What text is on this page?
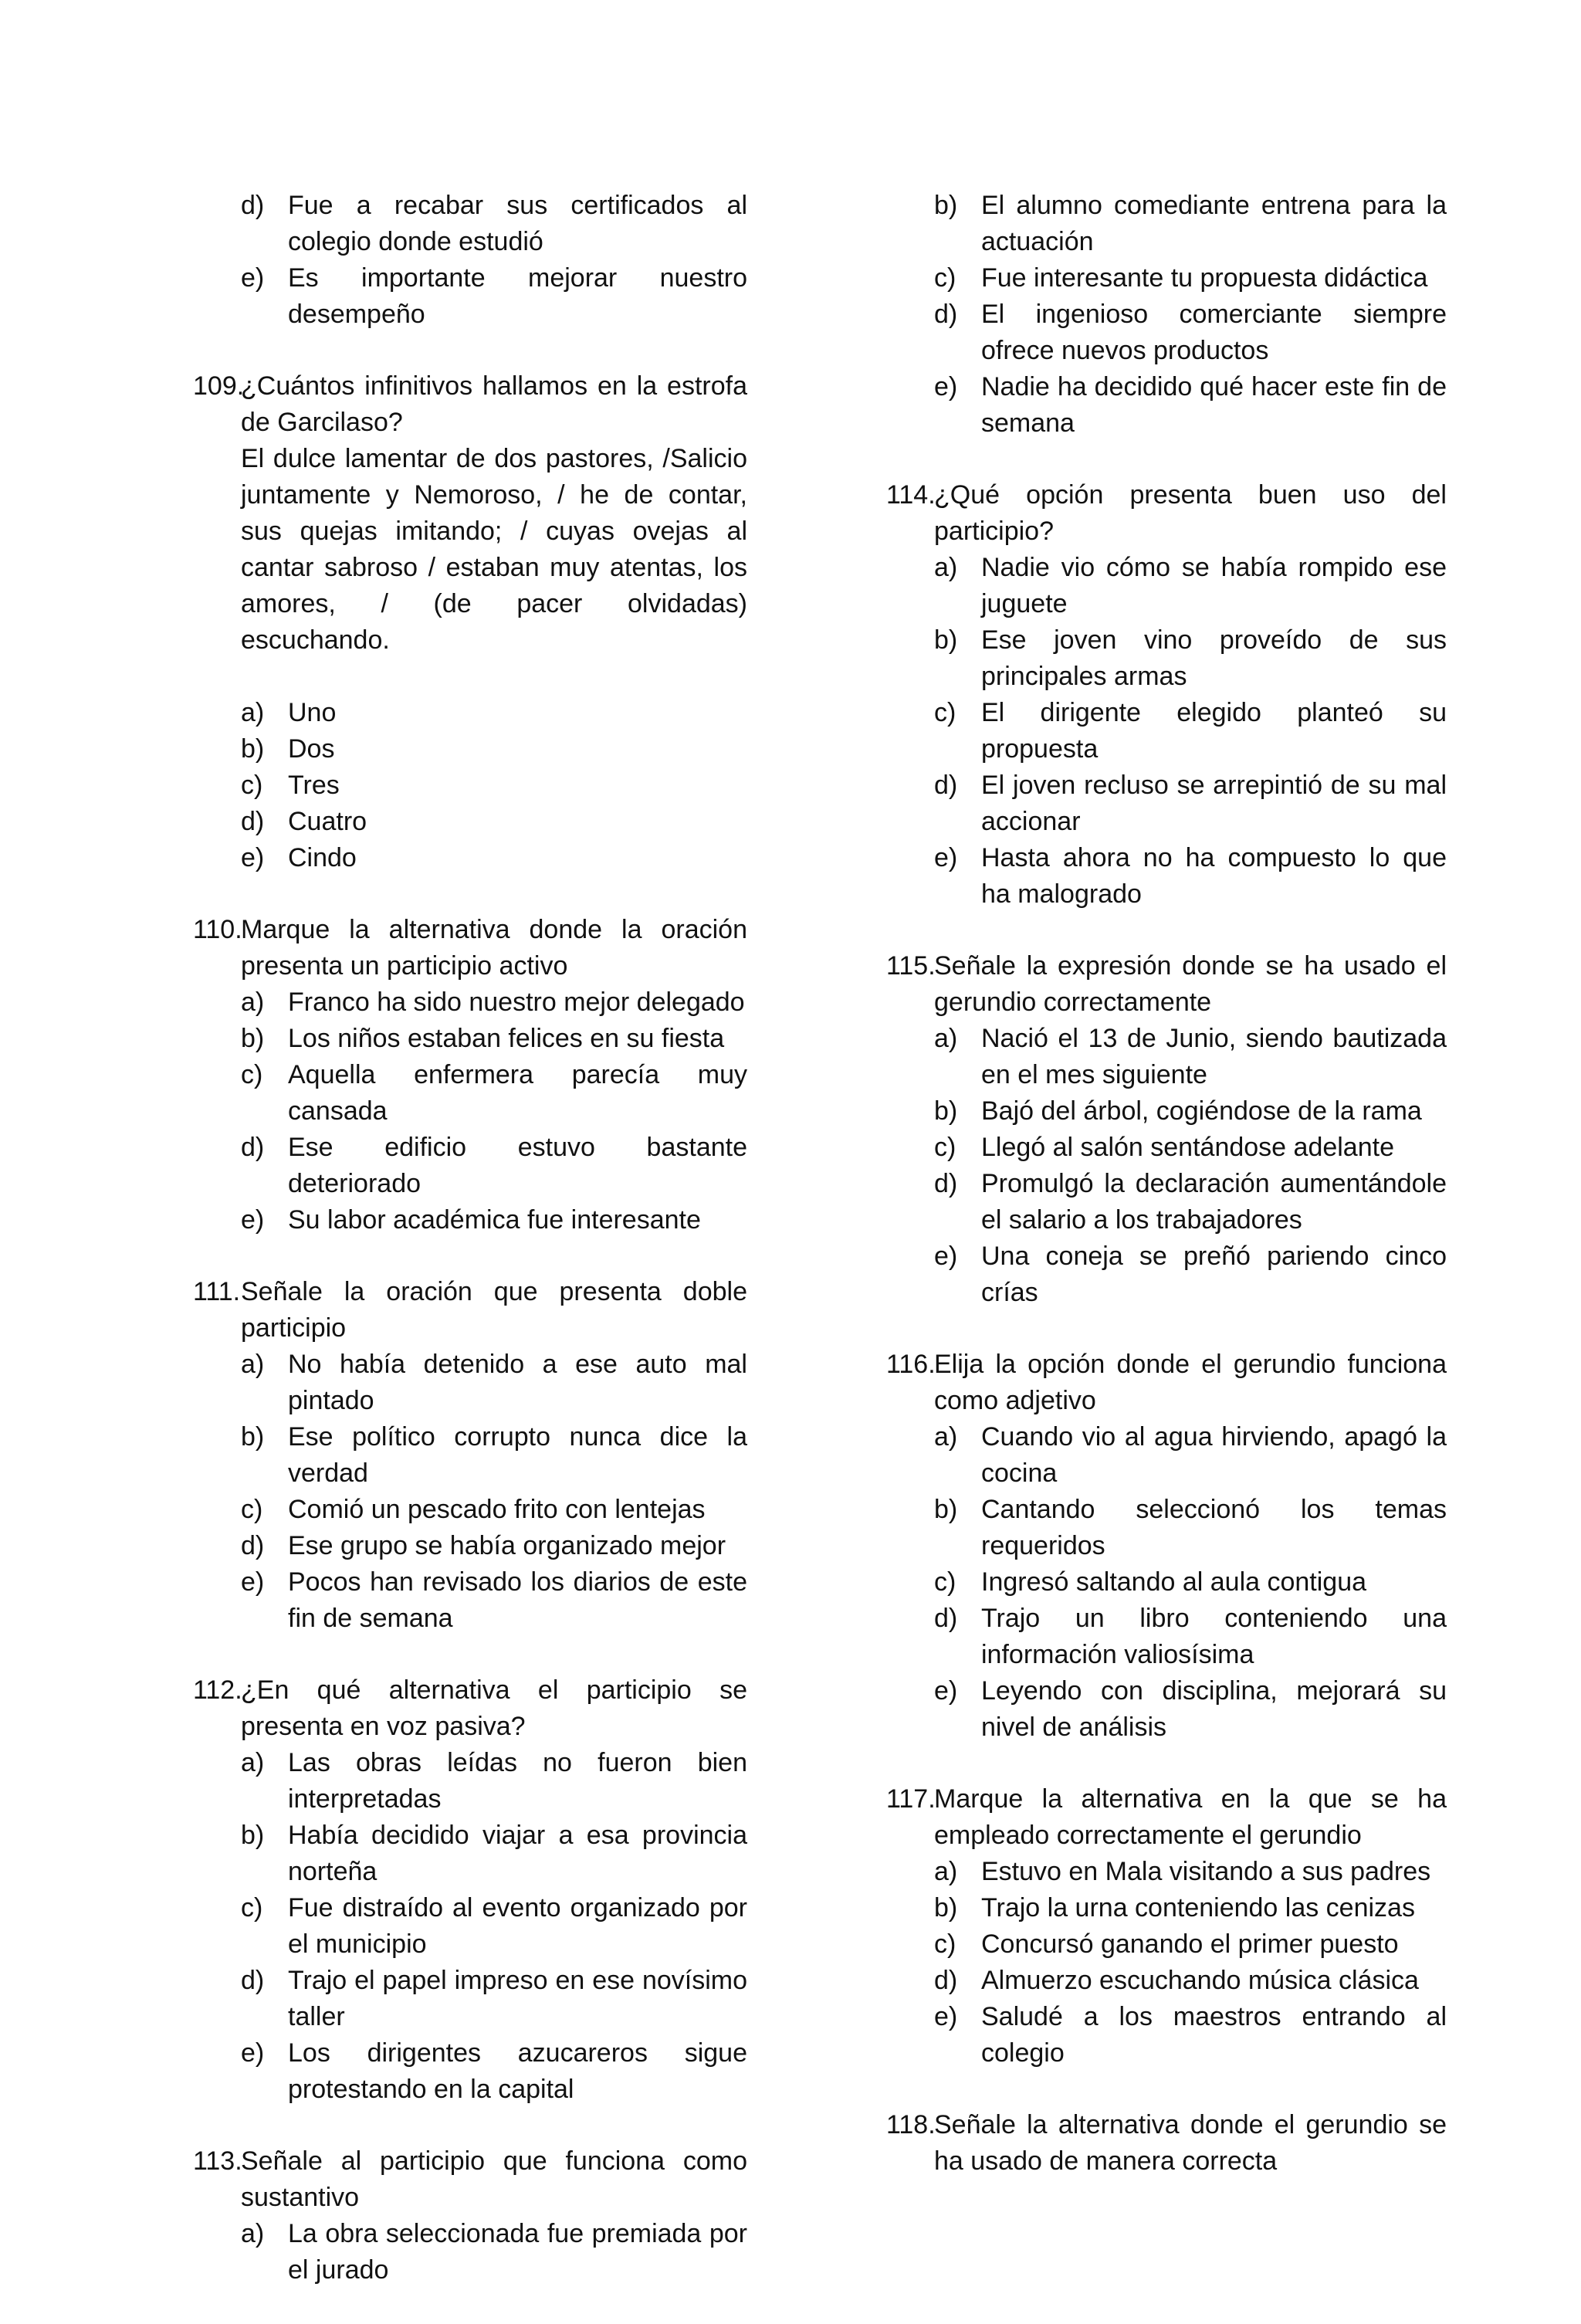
d) Fue a recabar sus certificados al colegio donde estudió
e) Es importante mejorar nuestro desempeño
109.
¿Cuántos infinitivos hallamos en la estrofa de Garcilaso?
El dulce lamentar de dos pastores, /Salicio juntamente y Nemoroso, / he de contar, sus quejas imitando; / cuyas ovejas al cantar sabroso / estaban muy atentas, los amores, / (de pacer olvidadas) escuchando.
a) Uno
b) Dos
c) Tres
d) Cuatro
e) Cindo
110.
Marque la alternativa donde la oración presenta un participio activo
a) Franco ha sido nuestro mejor delegado
b) Los niños estaban felices en su fiesta
c) Aquella enfermera parecía muy cansada
d) Ese edificio estuvo bastante deteriorado
e) Su labor académica fue interesante
111. Señale la oración que presenta doble participio
a) No había detenido a ese auto mal pintado
b) Ese político corrupto nunca dice la verdad
c) Comió un pescado frito con lentejas
d) Ese grupo se había organizado mejor
e) Pocos han revisado los diarios de este fin de semana
112.
¿En qué alternativa el participio se presenta en voz pasiva?
a) Las obras leídas no fueron bien interpretadas
b) Había decidido viajar a esa provincia norteña
c) Fue distraído al evento organizado por el municipio
d) Trajo el papel impreso en ese novísimo taller
e) Los dirigentes azucareros sigue protestando en la capital
113.
Señale al participio que funciona como sustantivo
a) La obra seleccionada fue premiada por el jurado
b) El alumno comediante entrena para la actuación
c) Fue interesante tu propuesta didáctica
d) El ingenioso comerciante siempre ofrece nuevos productos
e) Nadie ha decidido qué hacer este fin de semana
114.
¿Qué opción presenta buen uso del participio?
a) Nadie vio cómo se había rompido ese juguete
b) Ese joven vino proveído de sus principales armas
c) El dirigente elegido planteó su propuesta
d) El joven recluso se arrepintió de su mal accionar
e) Hasta ahora no ha compuesto lo que ha malogrado
115.
Señale la expresión donde se ha usado el gerundio correctamente
a) Nació el 13 de Junio, siendo bautizada en el mes siguiente
b) Bajó del árbol, cogiéndose de la rama
c) Llegó al salón sentándose adelante
d) Promulgó la declaración aumentándole el salario a los trabajadores
e) Una coneja se preñó pariendo cinco crías
116.
Elija la opción donde el gerundio funciona como adjetivo
a) Cuando vio al agua hirviendo, apagó la cocina
b) Cantando seleccionó los temas requeridos
c) Ingresó saltando al aula contigua
d) Trajo un libro conteniendo una información valiosísima
e) Leyendo con disciplina, mejorará su nivel de análisis
117.
Marque la alternativa en la que se ha empleado correctamente el gerundio
a) Estuvo en Mala visitando a sus padres
b) Trajo la urna conteniendo las cenizas
c) Concursó ganando el primer puesto
d) Almuerzo escuchando música clásica
e) Saludé a los maestros entrando al colegio
118.
Señale la alternativa donde el gerundio se ha usado de manera correcta
